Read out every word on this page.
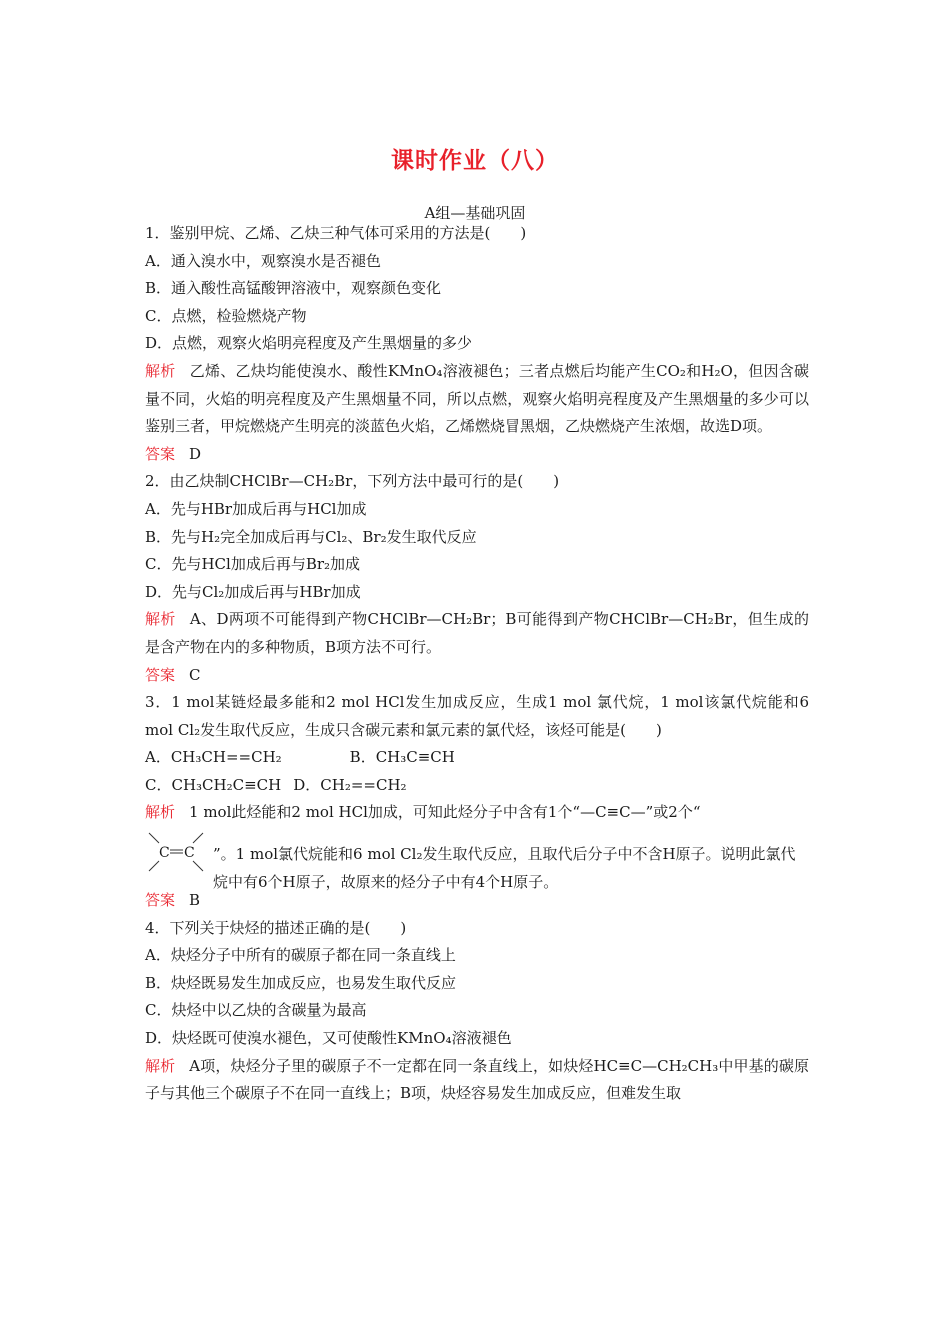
课时作业（八）
A组—基础巩固
1．鉴别甲烷、乙烯、乙炔三种气体可采用的方法是(　　)
A．通入溴水中，观察溴水是否褪色
B．通入酸性高锰酸钾溶液中，观察颜色变化
C．点燃，检验燃烧产物
D．点燃，观察火焰明亮程度及产生黑烟量的多少
解析 乙烯、乙炔均能使溴水、酸性KMnO₄溶液褪色；三者点燃后均能产生CO₂和H₂O，但因含碳量不同，火焰的明亮程度及产生黑烟量不同，所以点燃，观察火焰明亮程度及产生黑烟量的多少可以鉴别三者，甲烷燃烧产生明亮的淡蓝色火焰，乙烯燃烧冒黑烟，乙炔燃烧产生浓烟，故选D项。
答案 D
2．由乙炔制CHClBr—CH₂Br，下列方法中最可行的是(　　)
A．先与HBr加成后再与HCl加成
B．先与H₂完全加成后再与Cl₂、Br₂发生取代反应
C．先与HCl加成后再与Br₂加成
D．先与Cl₂加成后再与HBr加成
解析 A、D两项不可能得到产物CHClBr—CH₂Br；B可能得到产物CHClBr—CH₂Br，但生成的是含产物在内的多种物质，B项方法不可行。
答案 C
3．1 mol某链烃最多能和2 mol HCl发生加成反应，生成1 mol 氯代烷，1 mol该氯代烷能和6 mol Cl₂发生取代反应，生成只含碳元素和氯元素的氯代烃，该烃可能是(　　)
A．CH₃CH==CH₂	B．CH₃C≡CH
C．CH₃CH₂C≡CH D．CH₂==CH₂
解析 1 mol此烃能和2 mol HCl加成，可知此烃分子中含有1个“—C≡C—”或2个“
C C ”。1 mol氯代烷能和6 mol Cl₂发生取代反应，且取代后分子中不含H原子。说明此氯代烷中有6个H原子，故原来的烃分子中有4个H原子。
答案 B
4．下列关于炔烃的描述正确的是(　　)
A．炔烃分子中所有的碳原子都在同一条直线上
B．炔烃既易发生加成反应，也易发生取代反应
C．炔烃中以乙炔的含碳量为最高
D．炔烃既可使溴水褪色，又可使酸性KMnO₄溶液褪色
解析 A项，炔烃分子里的碳原子不一定都在同一条直线上，如炔烃HC≡C—CH₂CH₃中甲基的碳原子与其他三个碳原子不在同一直线上；B项，炔烃容易发生加成反应，但难发生取
